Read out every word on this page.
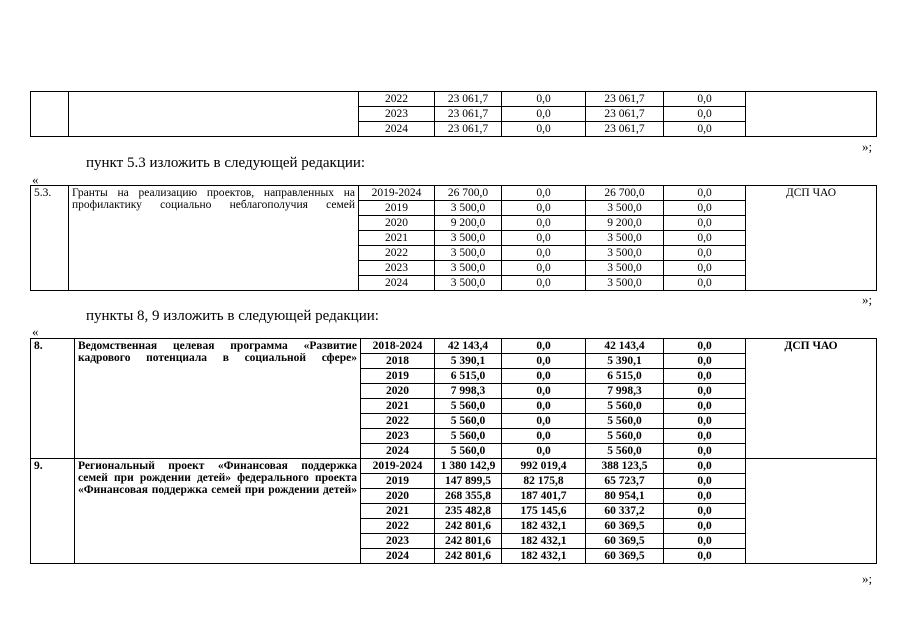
		2022	23 061,7	0,0	23 061,7	0,0	
		2023	23 061,7	0,0	23 061,7	0,0	
		2024	23 061,7	0,0	23 061,7	0,0	
»;

пункт 5.3 изложить в следующей редакции:

«
5.3.	Гранты на реализацию проектов, направленных на профилактику социально неблагополучия семей	2019-2024	26 700,0	0,0	26 700,0	0,0	ДСП ЧАО
		2019	3 500,0	0,0	3 500,0	0,0	
		2020	9 200,0	0,0	9 200,0	0,0	
		2021	3 500,0	0,0	3 500,0	0,0	
		2022	3 500,0	0,0	3 500,0	0,0	
		2023	3 500,0	0,0	3 500,0	0,0	
		2024	3 500,0	0,0	3 500,0	0,0	
»;

пункты 8, 9 изложить в следующей редакции:

«
8.	Ведомственная целевая программа «Развитие кадрового потенциала в социальной сфере»	2018-2024	42 143,4	0,0	42 143,4	0,0	ДСП ЧАО
		2018	5 390,1	0,0	5 390,1	0,0	
		2019	6 515,0	0,0	6 515,0	0,0	
		2020	7 998,3	0,0	7 998,3	0,0	
		2021	5 560,0	0,0	5 560,0	0,0	
		2022	5 560,0	0,0	5 560,0	0,0	
		2023	5 560,0	0,0	5 560,0	0,0	
		2024	5 560,0	0,0	5 560,0	0,0	
9.	Региональный проект «Финансовая поддержка семей при рождении детей» федерального проекта «Финансовая поддержка семей при рождении детей»	2019-2024	1 380 142,9	992 019,4	388 123,5	0,0	
		2019	147 899,5	82 175,8	65 723,7	0,0	
		2020	268 355,8	187 401,7	80 954,1	0,0	
		2021	235 482,8	175 145,6	60 337,2	0,0	
		2022	242 801,6	182 432,1	60 369,5	0,0	
		2023	242 801,6	182 432,1	60 369,5	0,0	
		2024	242 801,6	182 432,1	60 369,5	0,0	
»;
